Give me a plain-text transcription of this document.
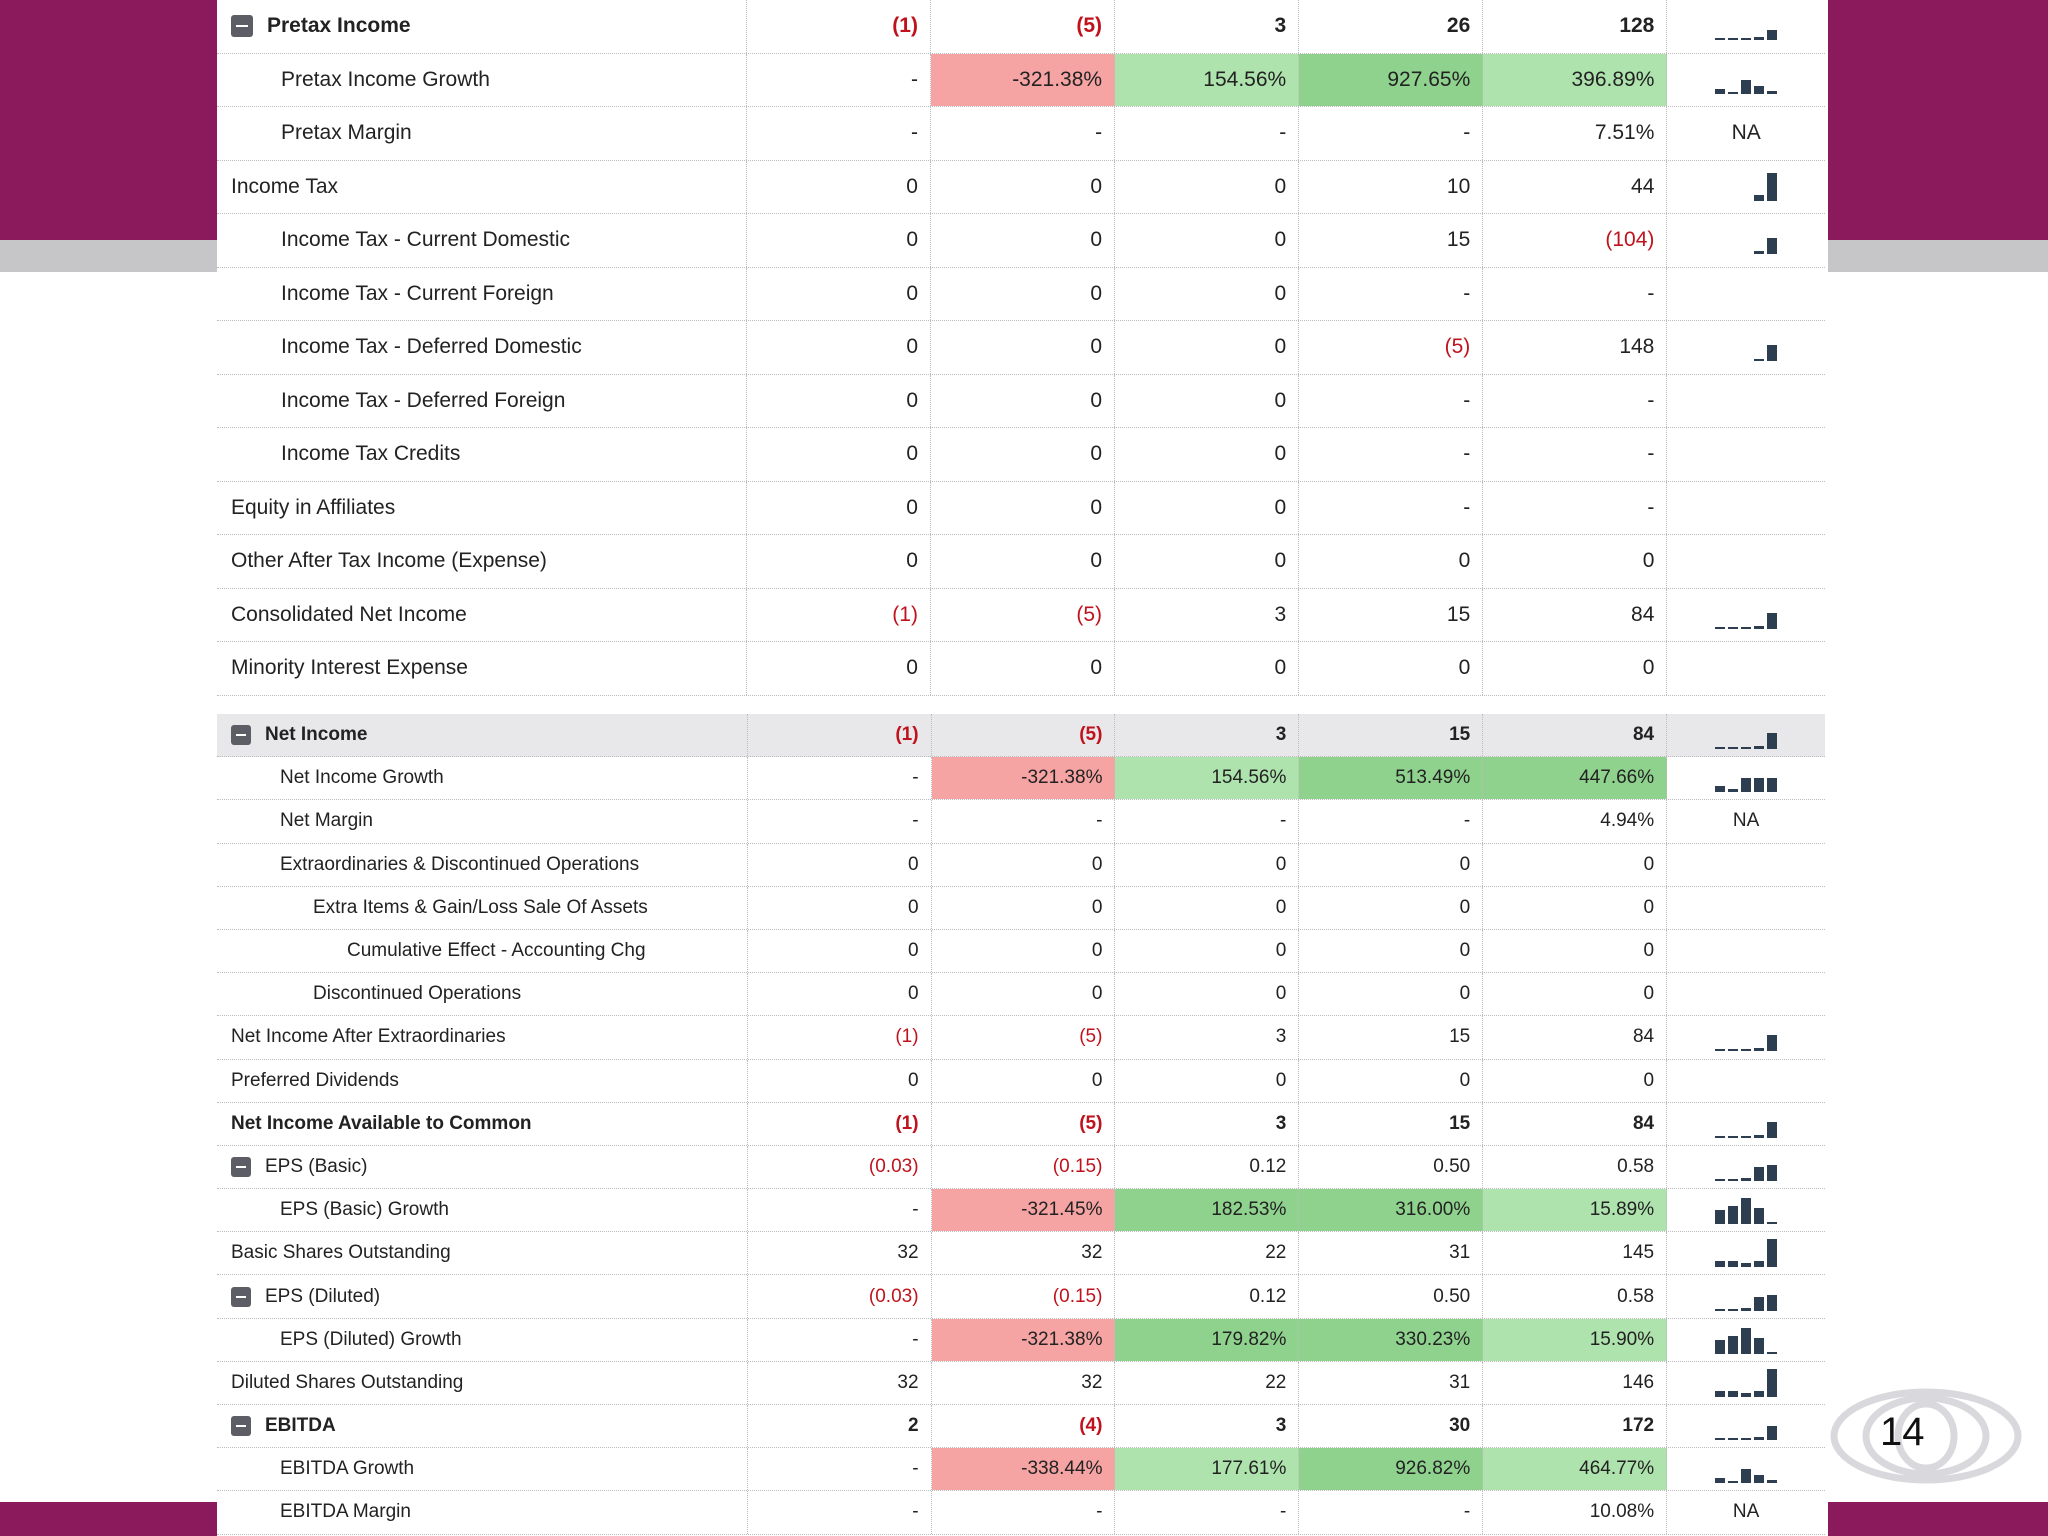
Pretax Income	(1)	(5)	3	26	128
Pretax Income Growth	-	-321.38%	154.56%	927.65%	396.89%
Pretax Margin	-	-	-	-	7.51%	NA
Income Tax	0	0	0	10	44
Income Tax - Current Domestic	0	0	0	15	(104)
Income Tax - Current Foreign	0	0	0	-	-
Income Tax - Deferred Domestic	0	0	0	(5)	148
Income Tax - Deferred Foreign	0	0	0	-	-
Income Tax Credits	0	0	0	-	-
Equity in Affiliates	0	0	0	-	-
Other After Tax Income (Expense)	0	0	0	0	0
Consolidated Net Income	(1)	(5)	3	15	84
Minority Interest Expense	0	0	0	0	0
Net Income	(1)	(5)	3	15	84
Net Income Growth	-	-321.38%	154.56%	513.49%	447.66%
Net Margin	-	-	-	-	4.94%	NA
Extraordinaries & Discontinued Operations	0	0	0	0	0
Extra Items & Gain/Loss Sale Of Assets	0	0	0	0	0
Cumulative Effect - Accounting Chg	0	0	0	0	0
Discontinued Operations	0	0	0	0	0
Net Income After Extraordinaries	(1)	(5)	3	15	84
Preferred Dividends	0	0	0	0	0
Net Income Available to Common	(1)	(5)	3	15	84
EPS (Basic)	(0.03)	(0.15)	0.12	0.50	0.58
EPS (Basic) Growth	-	-321.45%	182.53%	316.00%	15.89%
Basic Shares Outstanding	32	32	22	31	145
EPS (Diluted)	(0.03)	(0.15)	0.12	0.50	0.58
EPS (Diluted) Growth	-	-321.38%	179.82%	330.23%	15.90%
Diluted Shares Outstanding	32	32	22	31	146
EBITDA	2	(4)	3	30	172
EBITDA Growth	-	-338.44%	177.61%	926.82%	464.77%
EBITDA Margin	-	-	-	-	10.08%	NA
14
